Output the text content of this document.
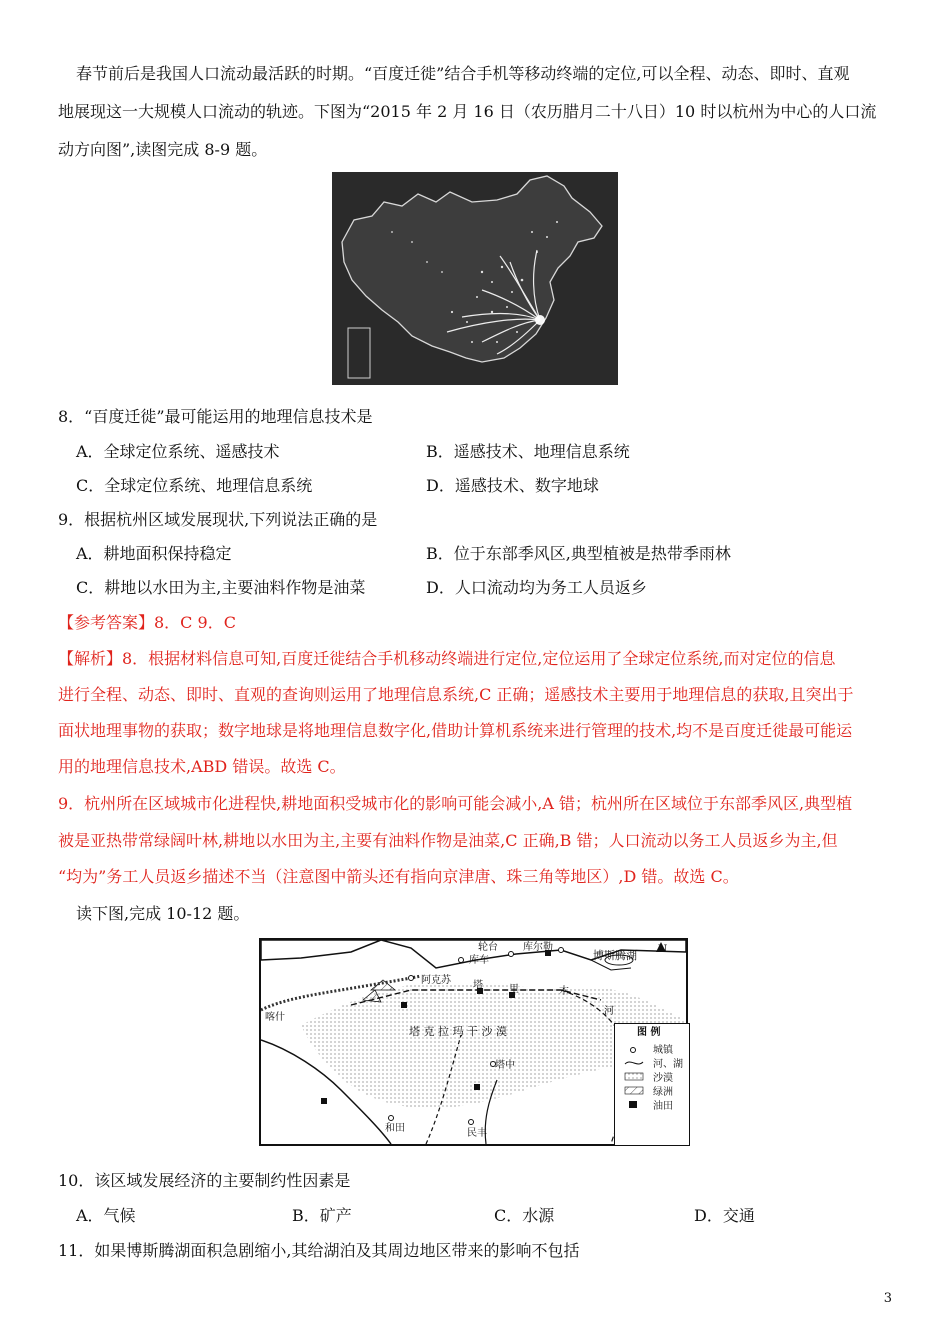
春节前后是我国人口流动最活跃的时期。“百度迁徙”结合手机等移动终端的定位,可以全程、动态、即时、直观
地展现这一大规模人口流动的轨迹。下图为“2015 年 2 月 16 日（农历腊月二十八日）10 时以杭州为中心的人口流
动方向图”,读图完成 8-9 题。
8．“百度迁徙”最可能运用的地理信息技术是
A．全球定位系统、遥感技术	B．遥感技术、地理信息系统
C．全球定位系统、地理信息系统	D．遥感技术、数字地球
9．根据杭州区域发展现状,下列说法正确的是
A．耕地面积保持稳定	B．位于东部季风区,典型植被是热带季雨林
C．耕地以水田为主,主要油料作物是油菜	D．人口流动均为务工人员返乡
【参考答案】8．C 9．C
【解析】8．根据材料信息可知,百度迁徙结合手机移动终端进行定位,定位运用了全球定位系统,而对定位的信息
进行全程、动态、即时、直观的查询则运用了地理信息系统,C 正确；遥感技术主要用于地理信息的获取,且突出于
面状地理事物的获取；数字地球是将地理信息数字化,借助计算机系统来进行管理的技术,均不是百度迁徙最可能运
用的地理信息技术,ABD 错误。故选 C。
9．杭州所在区域城市化进程快,耕地面积受城市化的影响可能会减小,A 错；杭州所在区域位于东部季风区,典型植
被是亚热带常绿阔叶林,耕地以水田为主,主要有油料作物是油菜,C 正确,B 错；人口流动以务工人员返乡为主,但
“均为”务工人员返乡描述不当（注意图中箭头还有指向京津唐、珠三角等地区）,D 错。故选 C。
读下图,完成 10-12 题。
轮台	库尔勒
库车	博斯腾湖 N
阿克苏 塔	里	木
河
喀什
塔 克 拉 玛 干 沙 漠
塔中
和田	民丰
图 例
城镇
河、湖
沙漠
绿洲
油田
10．该区域发展经济的主要制约性因素是
A．气候	B．矿产	C．水源	D．交通
11．如果博斯腾湖面积急剧缩小,其给湖泊及其周边地区带来的影响不包括
3
